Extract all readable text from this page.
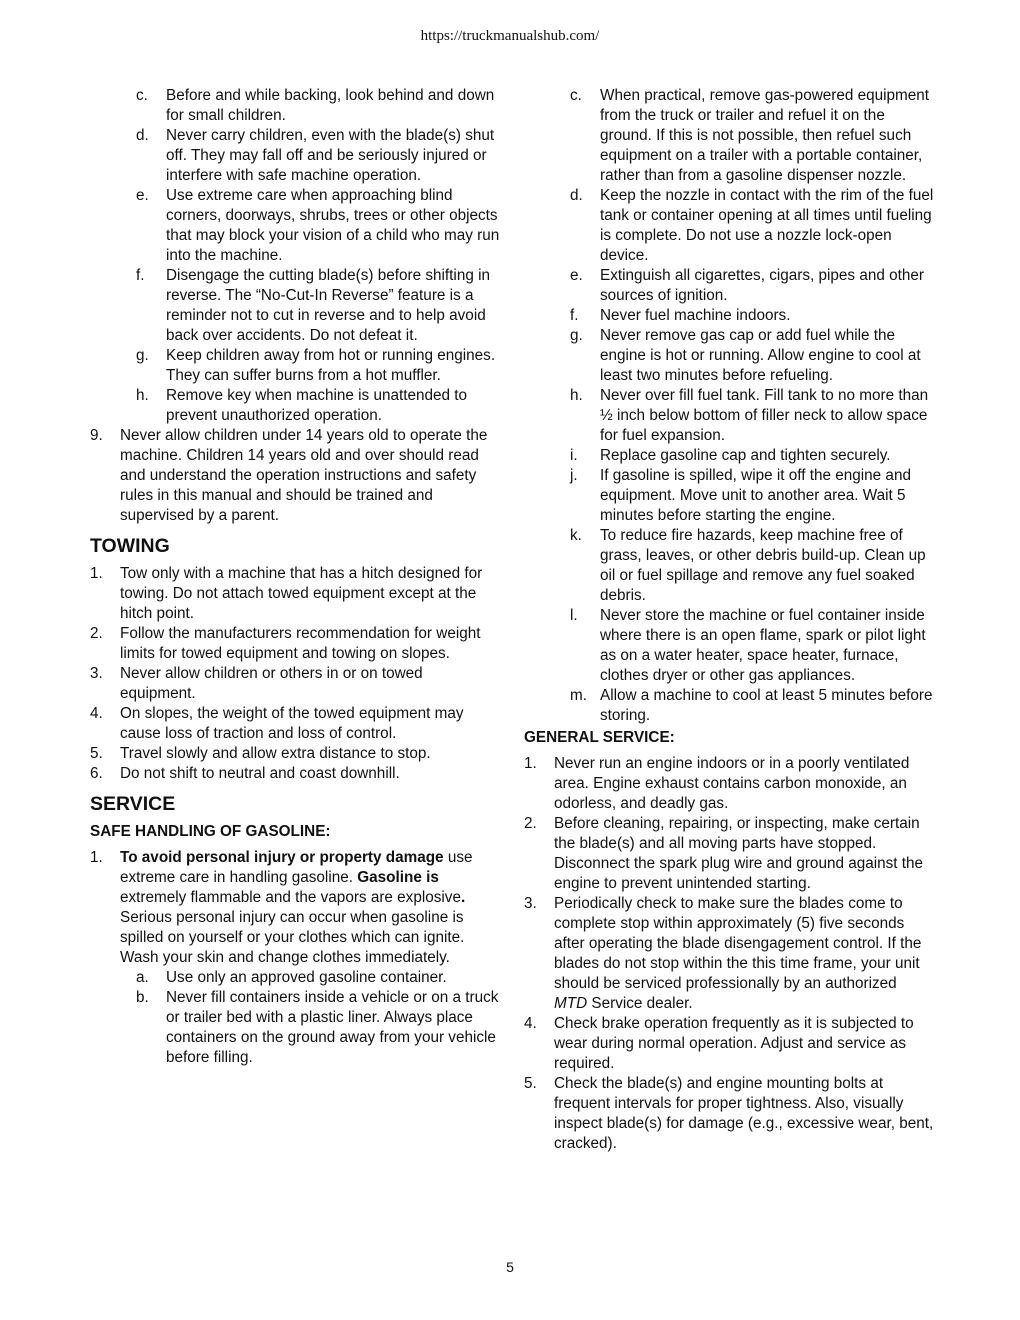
https://truckmanualshub.com/
c.	Before and while backing, look behind and down for small children.
d.	Never carry children, even with the blade(s) shut off. They may fall off and be seriously injured or interfere with safe machine operation.
e.	Use extreme care when approaching blind corners, doorways, shrubs, trees or other objects that may block your vision of a child who may run into the machine.
f.	Disengage the cutting blade(s) before shifting in reverse. The “No-Cut-In Reverse” feature is a reminder not to cut in reverse and to help avoid back over accidents. Do not defeat it.
g.	Keep children away from hot or running engines. They can suffer burns from a hot muffler.
h.	Remove key when machine is unattended to prevent unauthorized operation.
9.	Never allow children under 14 years old to operate the machine. Children 14 years old and over should read and understand the operation instructions and safety rules in this manual and should be trained and supervised by a parent.
TOWING
1.	Tow only with a machine that has a hitch designed for towing. Do not attach towed equipment except at the hitch point.
2.	Follow the manufacturers recommendation for weight limits for towed equipment and towing on slopes.
3.	Never allow children or others in or on towed equipment.
4.	On slopes, the weight of the towed equipment may cause loss of traction and loss of control.
5.	Travel slowly and allow extra distance to stop.
6.	Do not shift to neutral and coast downhill.
SERVICE
SAFE HANDLING OF GASOLINE:
1.	To avoid personal injury or property damage use extreme care in handling gasoline. Gasoline is extremely flammable and the vapors are explosive. Serious personal injury can occur when gasoline is spilled on yourself or your clothes which can ignite. Wash your skin and change clothes immediately.
a.	Use only an approved gasoline container.
b.	Never fill containers inside a vehicle or on a truck or trailer bed with a plastic liner. Always place containers on the ground away from your vehicle before filling.
c.	When practical, remove gas-powered equipment from the truck or trailer and refuel it on the ground. If this is not possible, then refuel such equipment on a trailer with a portable container, rather than from a gasoline dispenser nozzle.
d.	Keep the nozzle in contact with the rim of the fuel tank or container opening at all times until fueling is complete. Do not use a nozzle lock-open device.
e.	Extinguish all cigarettes, cigars, pipes and other sources of ignition.
f.	Never fuel machine indoors.
g.	Never remove gas cap or add fuel while the engine is hot or running. Allow engine to cool at least two minutes before refueling.
h.	Never over fill fuel tank. Fill tank to no more than ½ inch below bottom of filler neck to allow space for fuel expansion.
i.	Replace gasoline cap and tighten securely.
j.	If gasoline is spilled, wipe it off the engine and equipment. Move unit to another area. Wait 5 minutes before starting the engine.
k.	To reduce fire hazards, keep machine free of grass, leaves, or other debris build-up. Clean up oil or fuel spillage and remove any fuel soaked debris.
l.	Never store the machine or fuel container inside where there is an open flame, spark or pilot light as on a water heater, space heater, furnace, clothes dryer or other gas appliances.
m. Allow a machine to cool at least 5 minutes before storing.
GENERAL SERVICE:
1.	Never run an engine indoors or in a poorly ventilated area. Engine exhaust contains carbon monoxide, an odorless, and deadly gas.
2.	Before cleaning, repairing, or inspecting, make certain the blade(s) and all moving parts have stopped. Disconnect the spark plug wire and ground against the engine to prevent unintended starting.
3.	Periodically check to make sure the blades come to complete stop within approximately (5) five seconds after operating the blade disengagement control. If the blades do not stop within the this time frame, your unit should be serviced professionally by an authorized MTD Service dealer.
4.	Check brake operation frequently as it is subjected to wear during normal operation. Adjust and service as required.
5.	Check the blade(s) and engine mounting bolts at frequent intervals for proper tightness. Also, visually inspect blade(s) for damage (e.g., excessive wear, bent, cracked).
5
